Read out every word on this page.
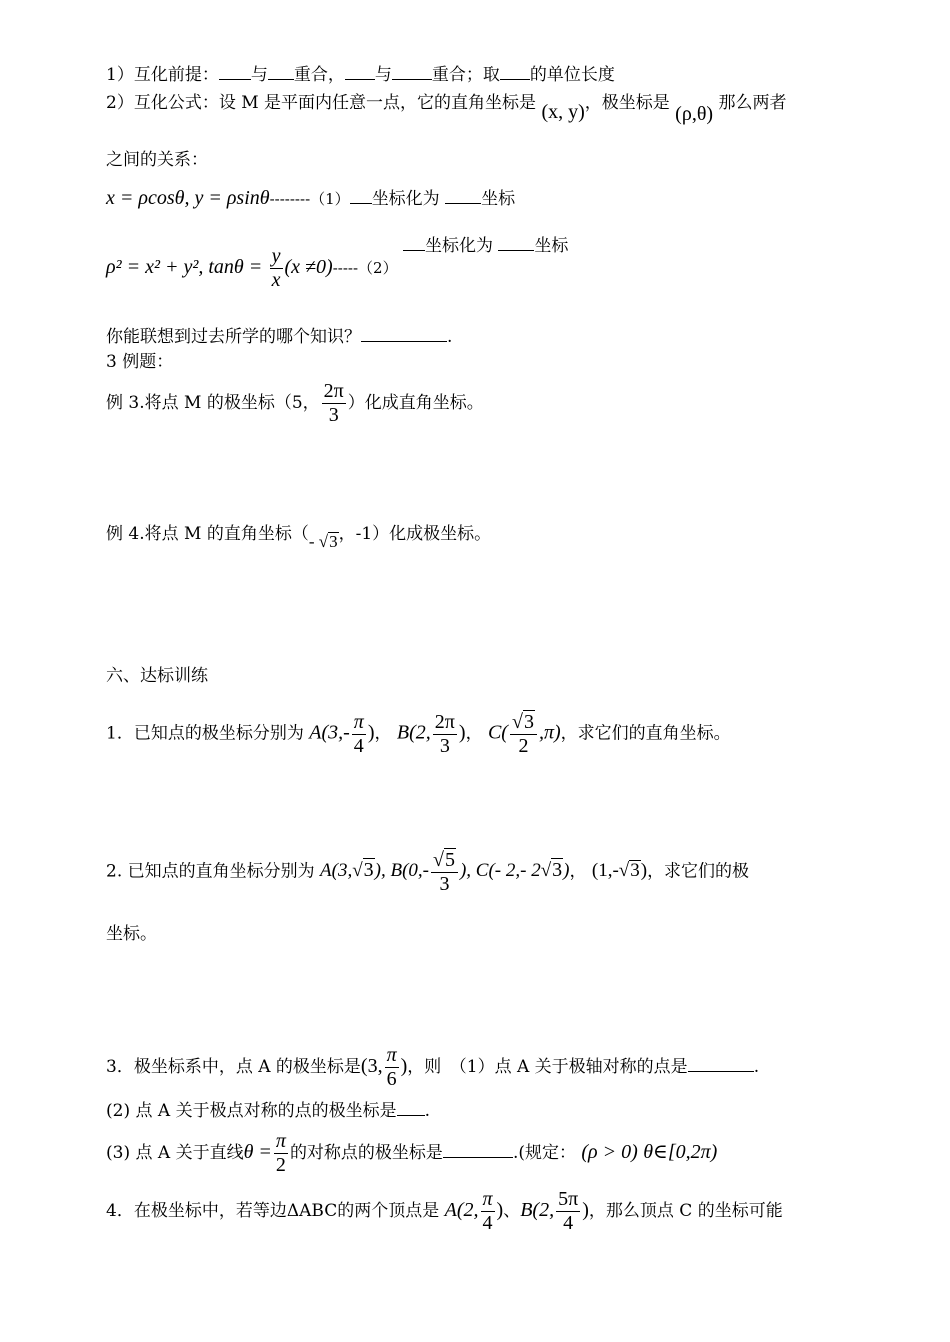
1）互化前提： 与 重合， 与 重合；取 的单位长度
2）互化公式：设 M 是平面内任意一点，它的直角坐标是 (x, y)，极坐标是 (ρ,θ) 那么两者
之间的关系：
x = ρcosθ, y = ρsinθ--------（1） 坐标化为 坐标
ρ² = x² + y², $\tan\theta = \frac{y}{x} (x \ne 0)-----(2)$ 坐标化为 坐标
你能联想到过去所学的哪个知识？	.
3 例题：
例 3.将点 M 的极坐标（5， $\frac{2\pi}{3}$ ）化成直角坐标。
例 4.将点 M 的直角坐标（- √3，-1）化成极坐标。
六、达标训练
1．已知点的极坐标分别为 $A(3,- \frac{\pi}{4}$ )， B(2, $\frac{2\pi}{3}$ )， $C( \frac{√3}{2} ,\pi)$，求它们的直角坐标。
2. 已知点的直角坐标分别为 A(3,√3), $B(0,- \frac{√5}{3}$ ), C(- 2,- 2√3)， (1,-√3)，求它们的极
坐标。
3．极坐标系中，点 A 的极坐标是(3, $\frac{\pi}{6}$ )，则　（1）点 A 关于极轴对称的点是	.
(2) 点 A 关于极点对称的点的极坐标是 .
(3) 点 A 关于直线$\theta = \frac{\pi}{2}$ 的对称点的极坐标是	.(规定： (ρ > 0) θ∈[0,2π)
4．在极坐标中，若等边ΔABC的两个顶点是 A(2, $\frac{\pi}{4}$ )、B(2, $\frac{5\pi}{4}$ )，那么顶点 C 的坐标可能
